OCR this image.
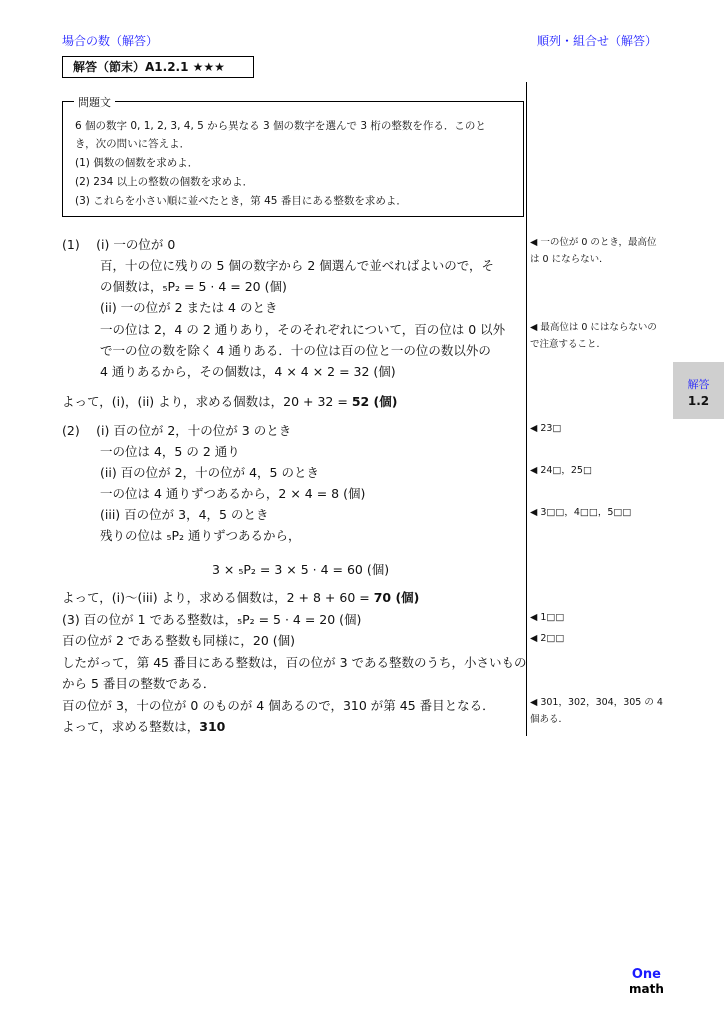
場合の数（解答）	順列・組合せ（解答）
解答（節末）A1.2.1 ★★★
問題文
6 個の数字 0, 1, 2, 3, 4, 5 から異なる 3 個の数字を選んで 3 桁の整数を作る．このと
き，次の問いに答えよ．
(1) 偶数の個数を求めよ．
(2) 234 以上の整数の個数を求めよ．
(3) これらを小さい順に並べたとき，第 45 番目にある整数を求めよ．
(1)　 (i) 一の位が 0
百，十の位に残りの 5 個の数字から 2 個選んで並べればよいので，そ
の個数は，₅P₂ = 5 · 4 = 20 (個)
(ii) 一の位が 2 または 4 のとき
一の位は 2，4 の 2 通りあり，そのそれぞれについて，百の位は 0 以外
で一の位の数を除く 4 通りある．十の位は百の位と一の位の数以外の
4 通りあるから，その個数は，4 × 4 × 2 = 32 (個)
よって，(i)，(ii) より，求める個数は，20 + 32 = 52 (個)
(2)　 (i) 百の位が 2，十の位が 3 のとき
一の位は 4，5 の 2 通り
(ii) 百の位が 2，十の位が 4，5 のとき
一の位は 4 通りずつあるから，2 × 4 = 8 (個)
(iii) 百の位が 3，4，5 のとき
残りの位は ₅P₂ 通りずつあるから，
3 × ₅P₂ = 3 × 5 · 4 = 60 (個)
よって，(i)〜(iii) より，求める個数は，2 + 8 + 60 = 70 (個)
(3) 百の位が 1 である整数は，₅P₂ = 5 · 4 = 20 (個)
百の位が 2 である整数も同様に，20 (個)
したがって，第 45 番目にある整数は，百の位が 3 である整数のうち，小さいもの
から 5 番目の整数である．
百の位が 3，十の位が 0 のものが 4 個あるので，310 が第 45 番目となる．
よって，求める整数は，310
◀ 一の位が 0 のとき，最高位
は 0 にならない．
◀ 最高位は 0 にはならないの
で注意すること．
◀ 23□
◀ 24□，25□
◀ 3□□，4□□，5□□
◀ 1□□
◀ 2□□
◀ 301，302，304，305 の 4
個ある．
解答
1.2
One
math
